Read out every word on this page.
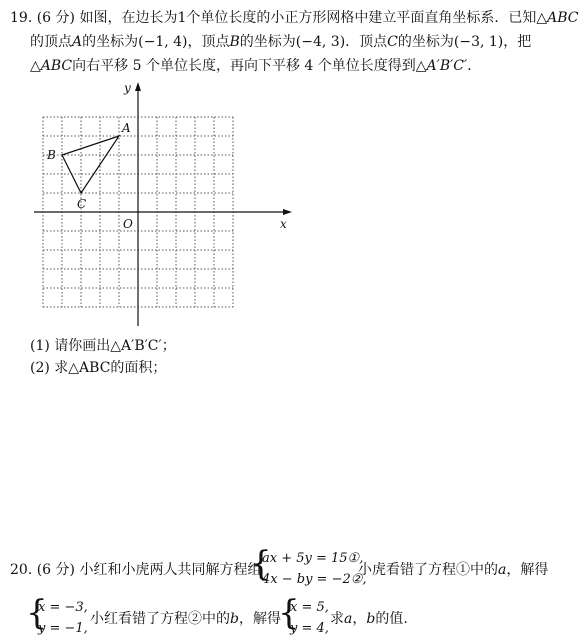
19. (6 分) 如图，在边长为1个单位长度的小正方形网格中建立平面直角坐标系．已知△ABC
的顶点A的坐标为(−1, 4)，顶点B的坐标为(−4, 3)．顶点C的坐标为(−3, 1)，把
△ABC向右平移 5 个单位长度，再向下平移 4 个单位长度得到△A′B′C′．
A
B
C
O	x
y
(1) 请你画出△A′B′C′；
(2) 求△ABC的面积；
20. (6 分) 小红和小虎两人共同解方程组
{
ax + 5y = 15①,
4x − by = −2②,
小虎看错了方程①中的a，解得
{
x = −3,
y = −1,
小红看错了方程②中的b，解得
{
x = 5,
y = 4,
求a，b的值.
